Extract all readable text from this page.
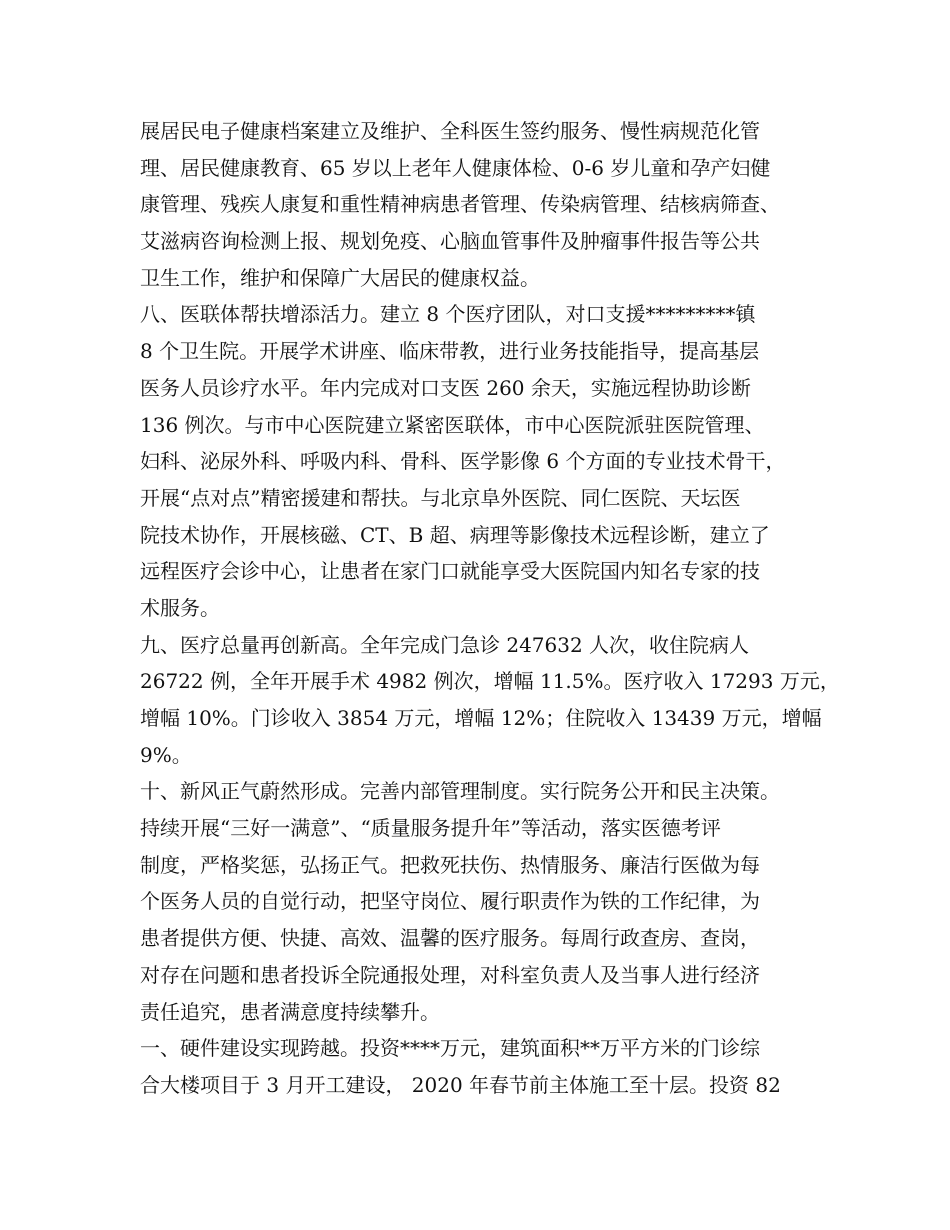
展居民电子健康档案建立及维护、全科医生签约服务、慢性病规范化管
理、居民健康教育、65 岁以上老年人健康体检、0-6 岁儿童和孕产妇健
康管理、残疾人康复和重性精神病患者管理、传染病管理、结核病筛查、
艾滋病咨询检测上报、规划免疫、心脑血管事件及肿瘤事件报告等公共
卫生工作，维护和保障广大居民的健康权益。
八、医联体帮扶增添活力。建立 8 个医疗团队，对口支援*********镇
8 个卫生院。开展学术讲座、临床带教，进行业务技能指导，提高基层
医务人员诊疗水平。年内完成对口支医 260 余天，实施远程协助诊断
136 例次。与市中心医院建立紧密医联体，市中心医院派驻医院管理、
妇科、泌尿外科、呼吸内科、骨科、医学影像 6 个方面的专业技术骨干，
开展“点对点”精密援建和帮扶。与北京阜外医院、同仁医院、天坛医
院技术协作，开展核磁、CT、B 超、病理等影像技术远程诊断，建立了
远程医疗会诊中心，让患者在家门口就能享受大医院国内知名专家的技
术服务。
九、医疗总量再创新高。全年完成门急诊 247632 人次，收住院病人
26722 例，全年开展手术 4982 例次，增幅 11.5%。医疗收入 17293 万元，
增幅 10%。门诊收入 3854 万元，增幅 12%；住院收入 13439 万元，增幅
9%。
十、新风正气蔚然形成。完善内部管理制度。实行院务公开和民主决策。
持续开展“三好一满意”、“质量服务提升年”等活动，落实医德考评
制度，严格奖惩，弘扬正气。把救死扶伤、热情服务、廉洁行医做为每
个医务人员的自觉行动，把坚守岗位、履行职责作为铁的工作纪律，为
患者提供方便、快捷、高效、温馨的医疗服务。每周行政查房、查岗，
对存在问题和患者投诉全院通报处理，对科室负责人及当事人进行经济
责任追究，患者满意度持续攀升。
一、硬件建设实现跨越。投资****万元，建筑面积**万平方米的门诊综
合大楼项目于 3 月开工建设， 2020 年春节前主体施工至十层。投资 82
